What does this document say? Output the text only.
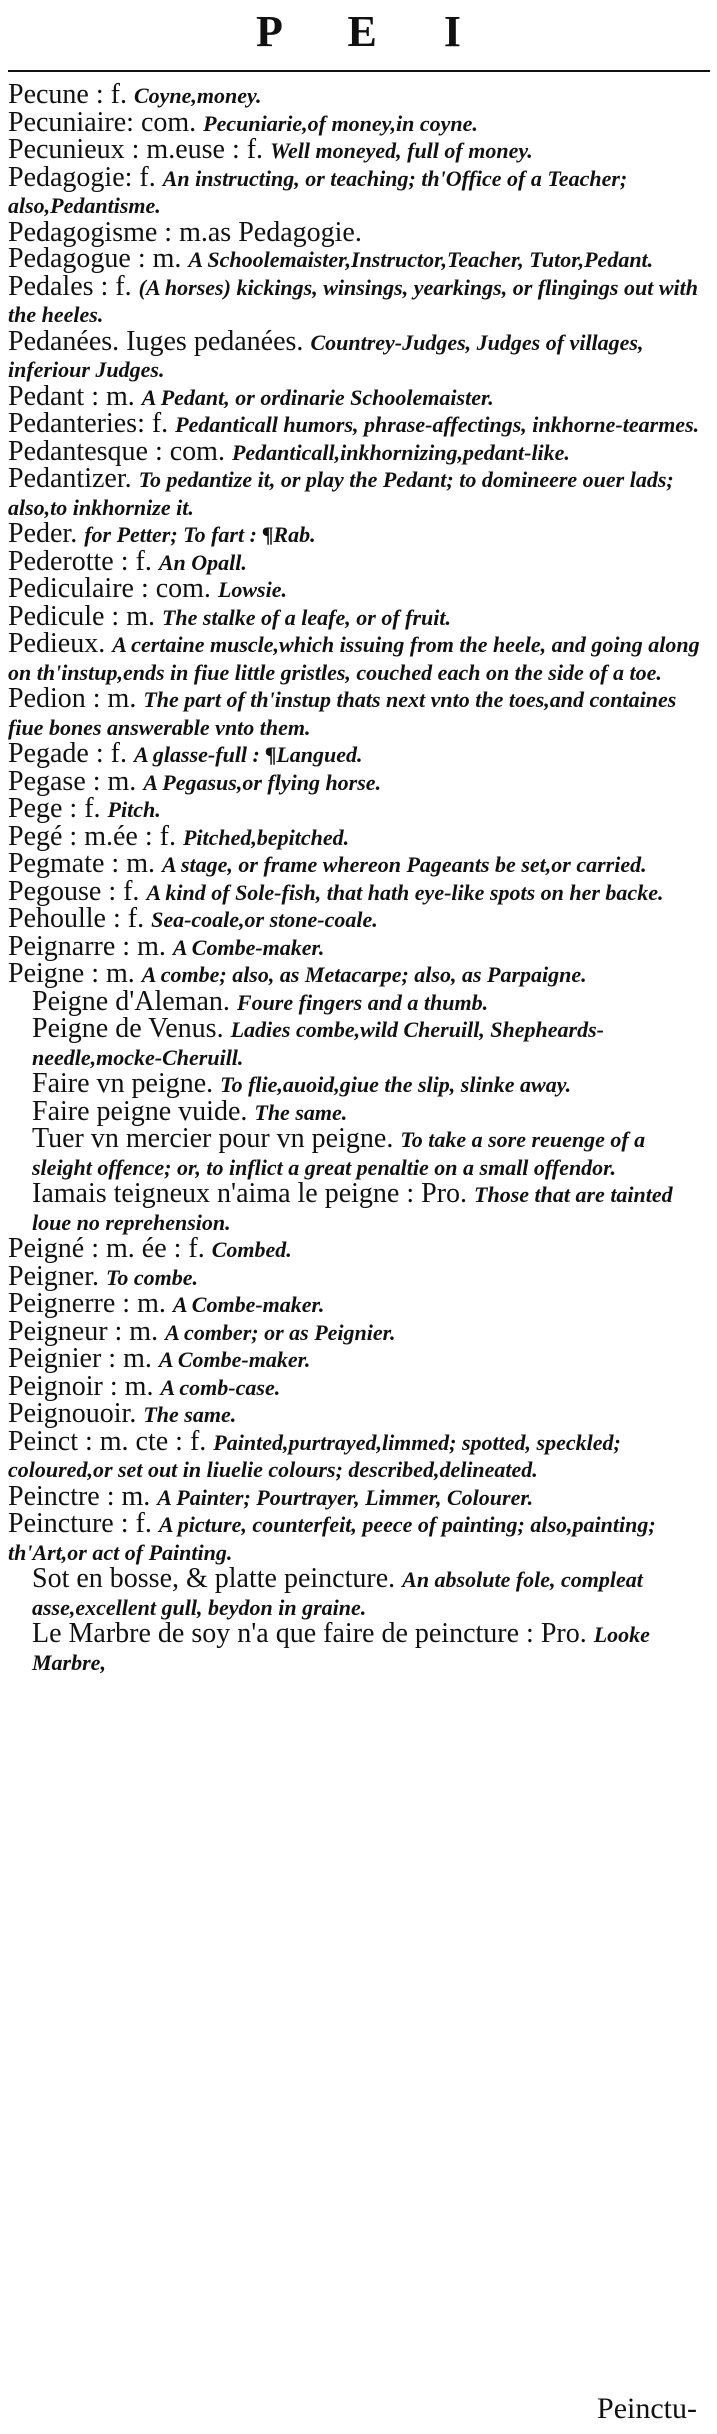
P E I

Pecune : f. Coyne,money.

Pecuniaire: com. Pecuniarie,of money,in coyne.

Pecunieux : m.euse : f. Well moneyed, full of money.

Pedagogie: f. An instructing, or teaching; th'Office of a Teacher; also,Pedantisme.

Pedagogisme : m.as Pedagogie.

Pedagogue : m. A Schoolemaister,Instructor,Teacher, Tutor,Pedant.

Pedales : f. (A horses) kickings, winsings, yearkings, or flingings out with the heeles.

Pedanées. Iuges pedanées. Countrey-Judges, Judges of villages, inferiour Judges.

Pedant : m. A Pedant, or ordinarie Schoolemaister.

Pedanteries: f. Pedanticall humors, phrase-affectings, inkhorne-tearmes.

Pedantesque : com. Pedanticall,inkhornizing,pedant-like.

Pedantizer. To pedantize it, or play the Pedant; to domineere ouer lads; also,to inkhornize it.

Peder. for Petter; To fart : ¶Rab.

Pederotte : f. An Opall.

Pediculaire : com. Lowsie.

Pedicule : m. The stalke of a leafe, or of fruit.

Pedieux. A certaine muscle,which issuing from the heele, and going along on th'instup,ends in fiue little gristles, couched each on the side of a toe.

Pedion : m. The part of th'instup thats next vnto the toes,and containes fiue bones answerable vnto them.

Pegade : f. A glasse-full : ¶Langued.

Pegase : m. A Pegasus,or flying horse.

Pege : f. Pitch.

Pegé : m.ée : f. Pitched,bepitched.

Pegmate : m. A stage, or frame whereon Pageants be set,or carried.

Pegouse : f. A kind of Sole-fish, that hath eye-like spots on her backe.

Pehoulle : f. Sea-coale,or stone-coale.

Peignarre : m. A Combe-maker.

Peigne : m. A combe; also, as Metacarpe; also, as Parpaigne.

Peigne d'Aleman. Foure fingers and a thumb.

Peigne de Venus. Ladies combe,wild Cheruill, Shepheards-needle,mocke-Cheruill.

Faire vn peigne. To flie,auoid,giue the slip, slinke away.

Faire peigne vuide. The same.

Tuer vn mercier pour vn peigne. To take a sore reuenge of a sleight offence; or, to inflict a great penaltie on a small offendor.

Iamais teigneux n'aima le peigne : Pro. Those that are tainted loue no reprehension.

Peigné : m. ée : f. Combed.

Peigner. To combe.

Peignerre : m. A Combe-maker.

Peigneur : m. A comber; or as Peignier.

Peignier : m. A Combe-maker.

Peignoir : m. A comb-case.

Peignouoir. The same.

Peinct : m. cte : f. Painted,purtrayed,limmed; spotted, speckled; coloured,or set out in liuelie colours; described,delineated.

Peinctre : m. A Painter; Pourtrayer, Limmer, Colourer.

Peincture : f. A picture, counterfeit, peece of painting; also,painting; th'Art,or act of Painting.

Sot en bosse, & platte peincture. An absolute fole, compleat asse,excellent gull, beydon in graine.

Le Marbre de soy n'a que faire de peincture : Pro. Looke Marbre,

Peinctu-
